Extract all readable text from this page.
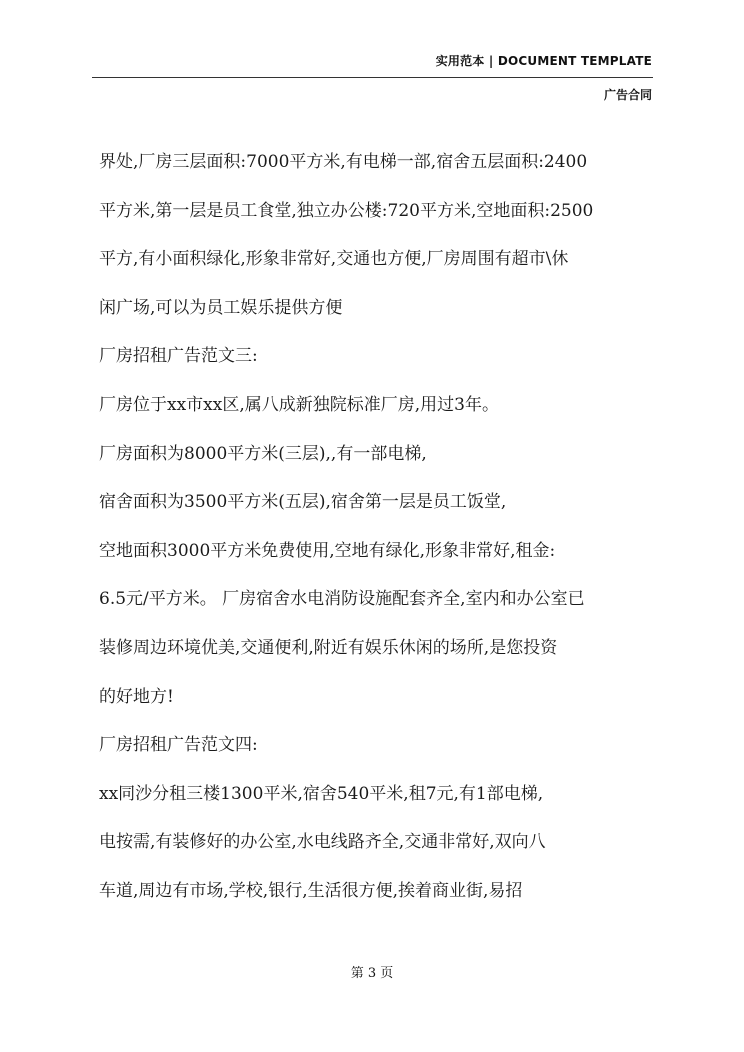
实用范本 | DOCUMENT TEMPLATE
广告合同
界处,厂房三层面积:7000平方米,有电梯一部,宿舍五层面积:2400
平方米,第一层是员工食堂,独立办公楼:720平方米,空地面积:2500
平方,有小面积绿化,形象非常好,交通也方便,厂房周围有超市\休
闲广场,可以为员工娱乐提供方便
厂房招租广告范文三:
厂房位于xx市xx区,属八成新独院标准厂房,用过3年。
厂房面积为8000平方米(三层),,有一部电梯,
宿舍面积为3500平方米(五层),宿舍第一层是员工饭堂,
空地面积3000平方米免费使用,空地有绿化,形象非常好,租金:
6.5元/平方米。 厂房宿舍水电消防设施配套齐全,室内和办公室已
装修周边环境优美,交通便利,附近有娱乐休闲的场所,是您投资
的好地方!
厂房招租广告范文四:
xx同沙分租三楼1300平米,宿舍540平米,租7元,有1部电梯,
电按需,有装修好的办公室,水电线路齐全,交通非常好,双向八
车道,周边有市场,学校,银行,生活很方便,挨着商业街,易招
第 3 页
